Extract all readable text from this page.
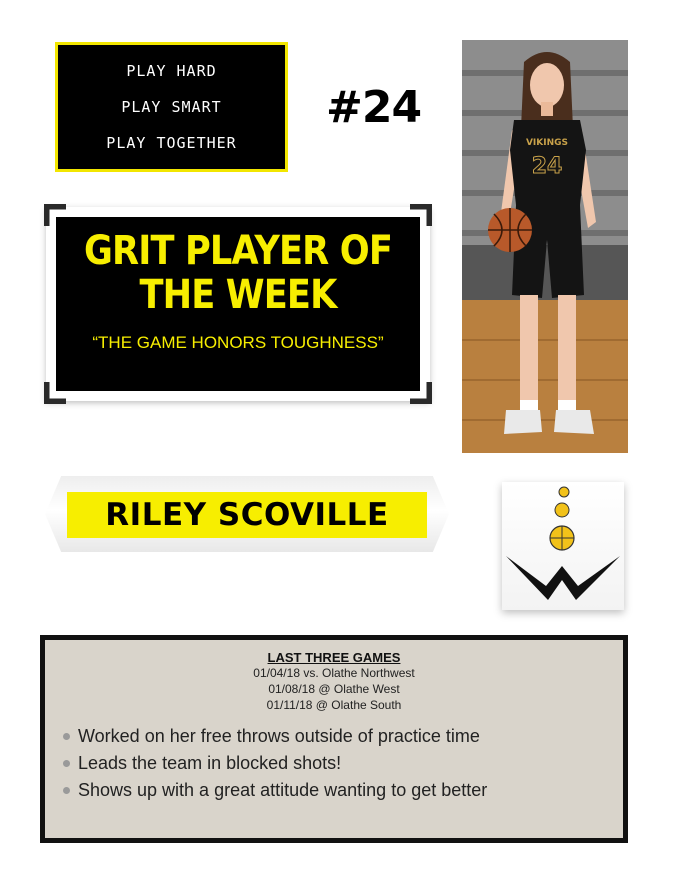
PLAY HARD
PLAY SMART
PLAY TOGETHER
#24
GRIT PLAYER OF
THE WEEK
“THE GAME HONORS TOUGHNESS”
VIKINGS
24
RILEY SCOVILLE
LAST THREE GAMES
01/04/18 vs. Olathe Northwest
01/08/18 @ Olathe West
01/11/18 @ Olathe South
Worked on her free throws outside of practice time
Leads the team in blocked shots!
Shows up with a great attitude wanting to get better
